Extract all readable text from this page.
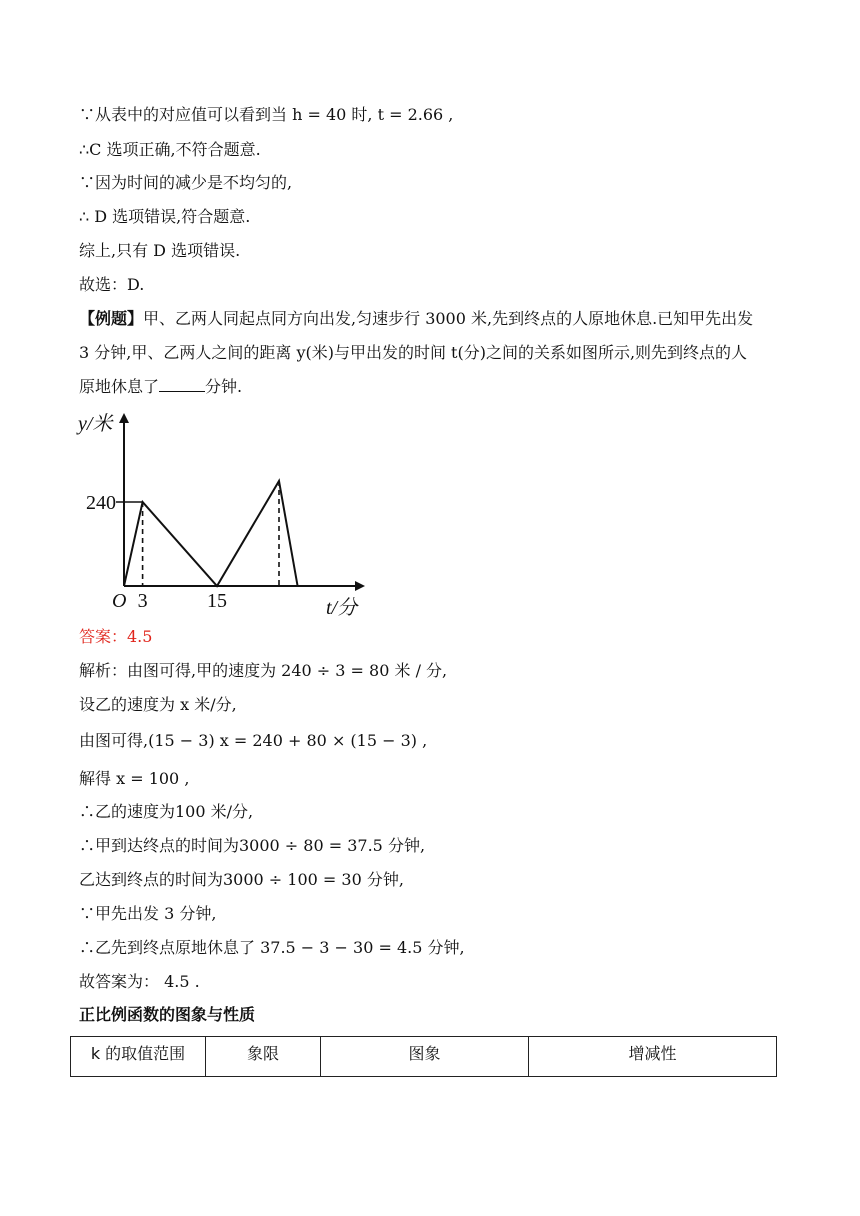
∵从表中的对应值可以看到当 h = 40 时, t = 2.66 ,
∴C 选项正确,不符合题意.
∵因为时间的减少是不均匀的,
∴ D 选项错误,符合题意.
综上,只有 D 选项错误.
故选：D.
【例题】甲、乙两人同起点同方向出发,匀速步行 3000 米,先到终点的人原地休息.已知甲先出发
3 分钟,甲、乙两人之间的距离 y(米)与甲出发的时间 t(分)之间的关系如图所示,则先到终点的人
原地休息了	分钟.
240
3	15
y/米
t/分
O
答案：4.5
解析：由图可得,甲的速度为 240 ÷ 3 = 80 米 / 分,
设乙的速度为 x 米/分,
由图可得,(15 − 3) x = 240 + 80 × (15 − 3) ,
解得 x = 100 ,
∴乙的速度为100 米/分,
∴甲到达终点的时间为3000 ÷ 80 = 37.5 分钟,
乙达到终点的时间为3000 ÷ 100 = 30 分钟,
∵甲先出发 3 分钟,
∴乙先到终点原地休息了 37.5 − 3 − 30 = 4.5 分钟,
故答案为： 4.5 .
正比例函数的图象与性质
k 的取值范围	象限	图象	增减性
